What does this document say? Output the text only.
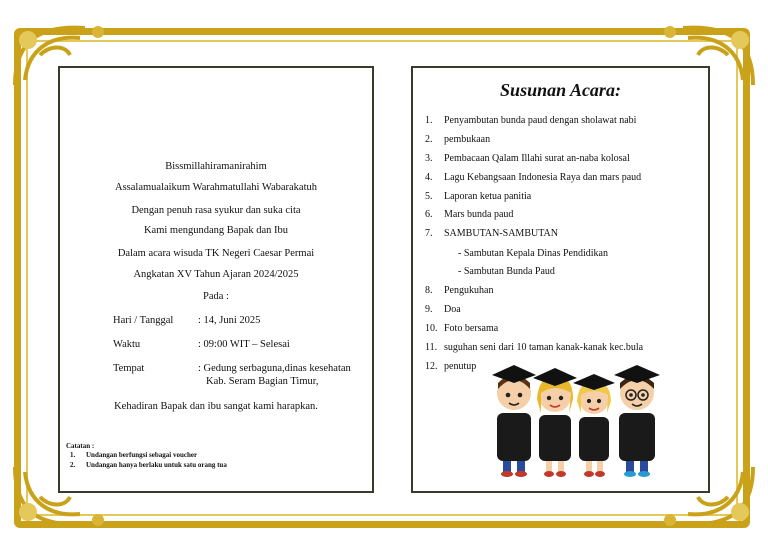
Bissmillahiramanirahim
Assalamualaikum Warahmatullahi Wabarakatuh
Dengan penuh rasa syukur dan suka cita
Kami mengundang Bapak dan Ibu
Dalam acara wisuda TK Negeri Caesar Permai
Angkatan XV Tahun Ajaran 2024/2025
Pada :
Hari / Tanggal : 14, Juni 2025
Waktu	: 09:00 WIT – Selesai
Tempat	: Gedung serbaguna,dinas kesehatan
Kab. Seram Bagian Timur,
Kehadiran Bapak dan ibu sangat kami harapkan.
Catatan :
1. Undangan berfungsi sebagai voucher
2. Undangan hanya berlaku untuk satu orang tua
Susunan Acara:
1. Penyambutan bunda paud dengan sholawat nabi
2. pembukaan
3. Pembacaan Qalam Illahi surat an-naba kolosal
4. Lagu Kebangsaan Indonesia Raya dan mars paud
5. Laporan ketua panitia
6. Mars bunda paud
7. SAMBUTAN-SAMBUTAN
- Sambutan Kepala Dinas Pendidikan
- Sambutan Bunda Paud
8. Pengukuhan
9. Doa
10. Foto bersama
11. suguhan seni dari 10 taman kanak-kanak kec.bula
12. penutup
